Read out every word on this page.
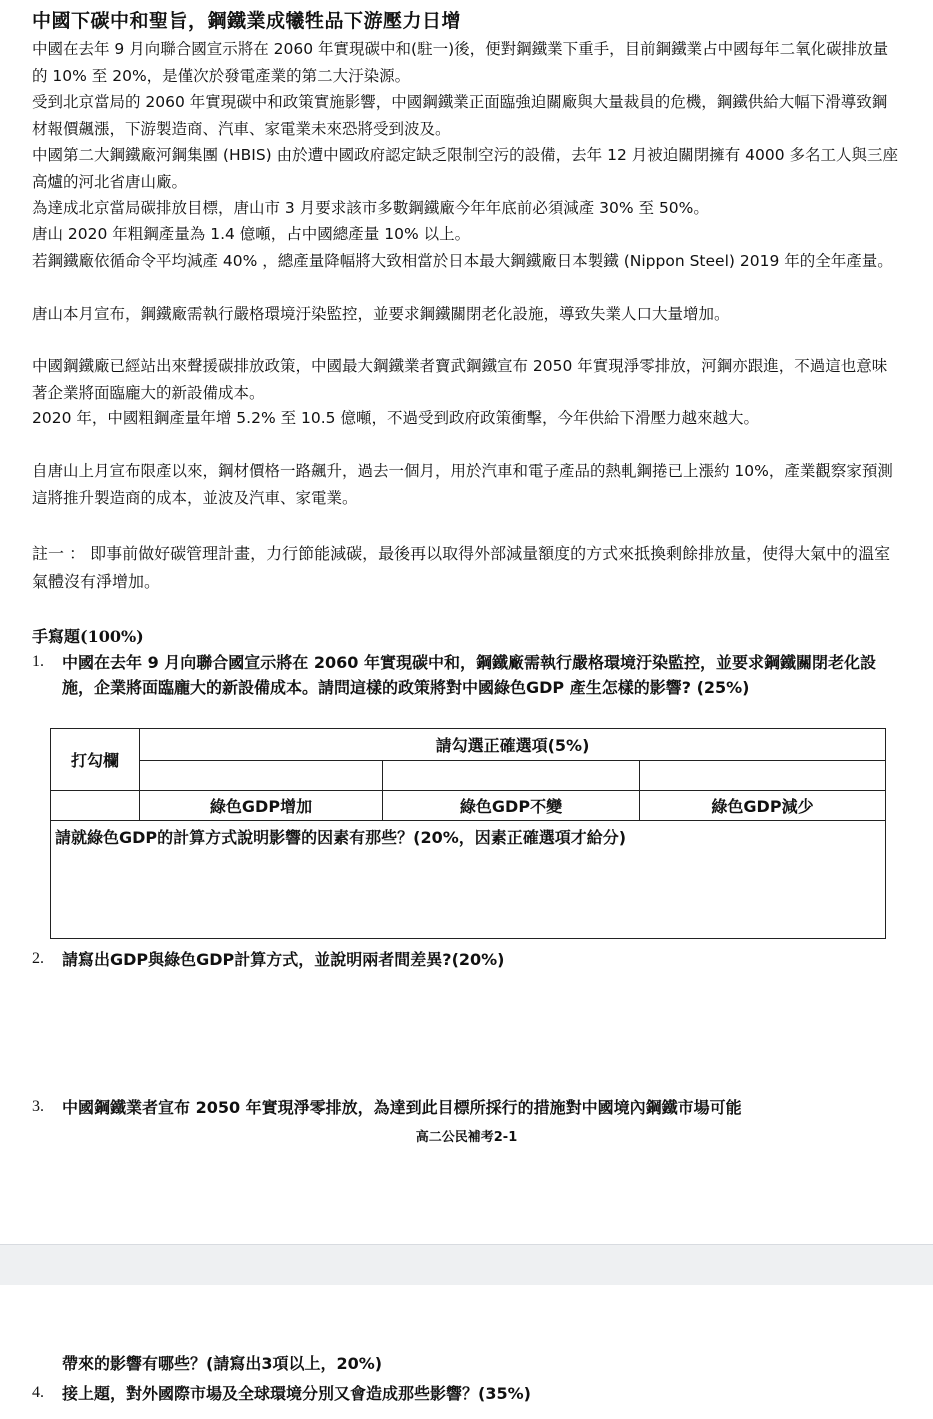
中國下碳中和聖旨，鋼鐵業成犧牲品下游壓力日增
中國在去年 9 月向聯合國宣示將在 2060 年實現碳中和(駐一)後，便對鋼鐵業下重手，目前鋼鐵業占中國每年二氧化碳排放量的 10% 至 20%，是僅次於發電產業的第二大汙染源。
受到北京當局的 2060 年實現碳中和政策實施影響，中國鋼鐵業正面臨強迫關廠與大量裁員的危機，鋼鐵供給大幅下滑導致鋼材報價飆漲，下游製造商、汽車、家電業未來恐將受到波及。
中國第二大鋼鐵廠河鋼集團 (HBIS) 由於遭中國政府認定缺乏限制空污的設備，去年 12 月被迫關閉擁有 4000 多名工人與三座高爐的河北省唐山廠。
為達成北京當局碳排放目標，唐山市 3 月要求該市多數鋼鐵廠今年年底前必須減產 30% 至 50%。
唐山 2020 年粗鋼產量為 1.4 億噸，占中國總產量 10% 以上。
若鋼鐵廠依循命令平均減產 40% ，總產量降幅將大致相當於日本最大鋼鐵廠日本製鐵 (Nippon Steel) 2019 年的全年產量。
唐山本月宣布，鋼鐵廠需執行嚴格環境汙染監控，並要求鋼鐵關閉老化設施，導致失業人口大量增加。
中國鋼鐵廠已經站出來聲援碳排放政策，中國最大鋼鐵業者寶武鋼鐵宣布 2050 年實現淨零排放，河鋼亦跟進，不過這也意味著企業將面臨龐大的新設備成本。
2020 年，中國粗鋼產量年增 5.2% 至 10.5 億噸，不過受到政府政策衝擊，今年供給下滑壓力越來越大。
自唐山上月宣布限產以來，鋼材價格一路飆升，過去一個月，用於汽車和電子產品的熱軋鋼捲已上漲約 10%，產業觀察家預測這將推升製造商的成本，並波及汽車、家電業。
註一 ： 即事前做好碳管理計畫，力行節能減碳，最後再以取得外部減量額度的方式來抵換剩餘排放量，使得大氣中的溫室氣體沒有淨增加。
手寫題(100%)
1. 中國在去年 9 月向聯合國宣示將在 2060 年實現碳中和，鋼鐵廠需執行嚴格環境汙染監控，並要求鋼鐵關閉老化設施，企業將面臨龐大的新設備成本。請問這樣的政策將對中國綠色GDP 產生怎樣的影響? (25%)
打勾欄	請勾選正確選項(5%)		

	綠色GDP增加	綠色GDP不變	綠色GDP減少
請就綠色GDP的計算方式說明影響的因素有那些？(20%，因素正確選項才給分)			
2. 請寫出GDP與綠色GDP計算方式，並說明兩者間差異?(20%)
3. 中國鋼鐵業者宣布 2050 年實現淨零排放，為達到此目標所採行的措施對中國境內鋼鐵市場可能
高二公民補考2-1
帶來的影響有哪些？(請寫出3項以上，20%)
4. 接上題，對外國際市場及全球環境分別又會造成那些影響？(35%)
